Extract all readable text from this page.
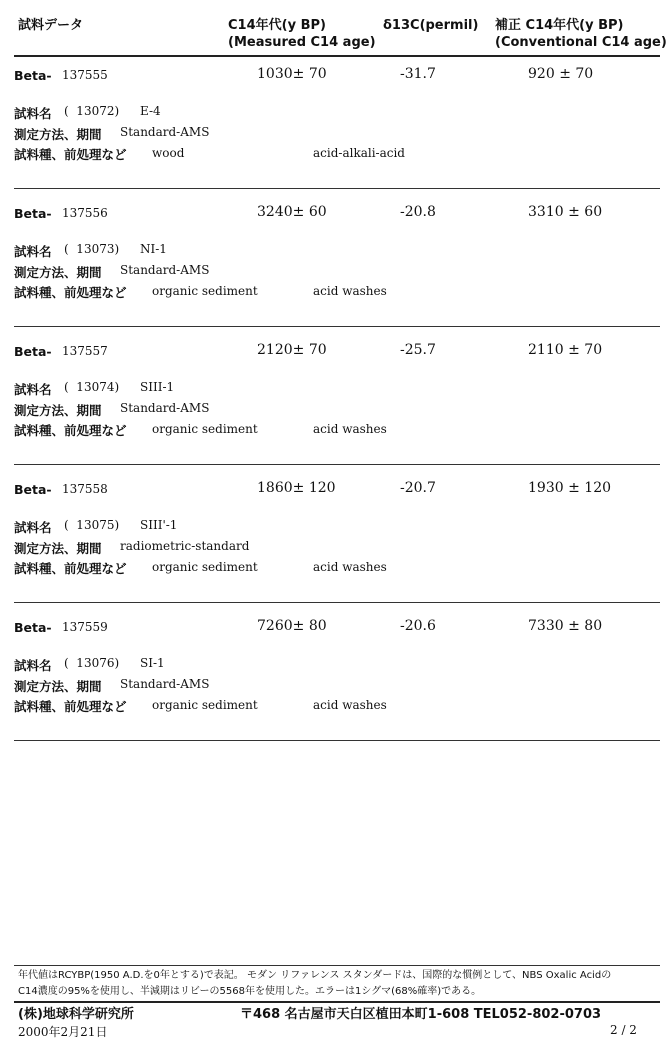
試料データ	C14年代(y BP)
(Measured C14 age)
δ13C(permil) 補正 C14年代(y BP)
(Conventional C14 age)
Beta- 137555	1030± 70	-31.7	920 ± 70
試料名 (  13072) E-4
測定方法、期間 Standard-AMS
試料種、前処理など wood	acid-alkali-acid
Beta- 137556	3240± 60	-20.8	3310 ± 60
試料名 (  13073) NI-1
測定方法、期間 Standard-AMS
試料種、前処理など organic sediment	acid washes
Beta- 137557	2120± 70	-25.7	2110 ± 70
試料名 (  13074) SIII-1
測定方法、期間 Standard-AMS
試料種、前処理など organic sediment	acid washes
Beta- 137558	1860± 120	-20.7	1930 ± 120
試料名 (  13075) SIII'-1
測定方法、期間 radiometric-standard
試料種、前処理など organic sediment	acid washes
Beta- 137559	7260± 80	-20.6	7330 ± 80
試料名 (  13076) SI-1
測定方法、期間 Standard-AMS
試料種、前処理など organic sediment	acid washes
年代値はRCYBP(1950 A.D.を0年とする)で表記。 モダン リファレンス スタンダードは、国際的な慣例として、NBS Oxalic Acidの
C14濃度の95%を使用し、半減期はリビーの5568年を使用した。エラーは1シグマ(68%確率)である。
(株)地球科学研究所	〒468 名古屋市天白区植田本町1-608 TEL052-802-0703
2000年2月21日	2 / 2
